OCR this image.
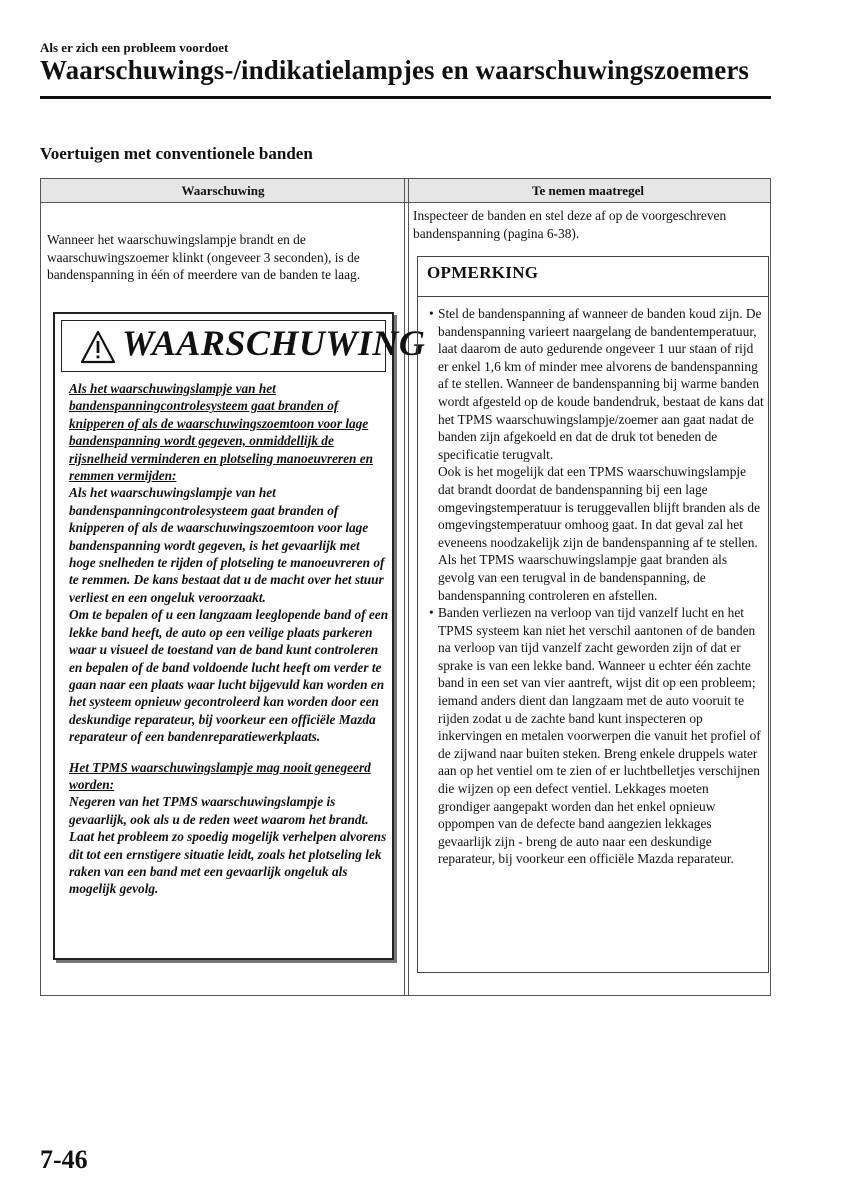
Als er zich een probleem voordoet
Waarschuwings-/indikatielampjes en waarschuwingszoemers
Voertuigen met conventionele banden
Waarschuwing	Te nemen maatregel
Wanneer het waarschuwingslampje brandt en de waarschuwingszoemer klinkt (ongeveer 3 seconden), is de bandenspanning in één of meerdere van de banden te laag.
WAARSCHUWING

Als het waarschuwingslampje van het bandenspanningcontrolesysteem gaat branden of knipperen of als de waarschuwingszoemtoon voor lage bandenspanning wordt gegeven, onmiddellijk de rijsnelheid verminderen en plotseling manoeuvreren en remmen vermijden:

Als het waarschuwingslampje van het bandenspanningcontrolesysteem gaat branden of knipperen of als de waarschuwingszoemtoon voor lage bandenspanning wordt gegeven, is het gevaarlijk met hoge snelheden te rijden of plotseling te manoeuvreren of te remmen. De kans bestaat dat u de macht over het stuur verliest en een ongeluk veroorzaakt.

Om te bepalen of u een langzaam leeglopende band of een lekke band heeft, de auto op een veilige plaats parkeren waar u visueel de toestand van de band kunt controleren en bepalen of de band voldoende lucht heeft om verder te gaan naar een plaats waar lucht bijgevuld kan worden en het systeem opnieuw gecontroleerd kan worden door een deskundige reparateur, bij voorkeur een officiële Mazda reparateur of een bandenreparatiewerkplaats.

Het TPMS waarschuwingslampje mag nooit genegeerd worden:

Negeren van het TPMS waarschuwingslampje is gevaarlijk, ook als u de reden weet waarom het brandt. Laat het probleem zo spoedig mogelijk verhelpen alvorens dit tot een ernstigere situatie leidt, zoals het plotseling lek raken van een band met een gevaarlijk ongeluk als mogelijk gevolg.

Inspecteer de banden en stel deze af op de voorgeschreven bandenspanning (pagina 6-38).
OPMERKING

• Stel de bandenspanning af wanneer de banden koud zijn. De bandenspanning varieert naargelang de bandentemperatuur, laat daarom de auto gedurende ongeveer 1 uur staan of rijd er enkel 1,6 km of minder mee alvorens de bandenspanning af te stellen. Wanneer de bandenspanning bij warme banden wordt afgesteld op de koude bandendruk, bestaat de kans dat het TPMS waarschuwingslampje/zoemer aan gaat nadat de banden zijn afgekoeld en dat de druk tot beneden de specificatie terugvalt.

Ook is het mogelijk dat een TPMS waarschuwingslampje dat brandt doordat de bandenspanning bij een lage omgevingstemperatuur is teruggevallen blijft branden als de omgevingstemperatuur omhoog gaat. In dat geval zal het eveneens noodzakelijk zijn de bandenspanning af te stellen. Als het TPMS waarschuwingslampje gaat branden als gevolg van een terugval in de bandenspanning, de bandenspanning controleren en afstellen.

• Banden verliezen na verloop van tijd vanzelf lucht en het TPMS systeem kan niet het verschil aantonen of de banden na verloop van tijd vanzelf zacht geworden zijn of dat er sprake is van een lekke band. Wanneer u echter één zachte band in een set van vier aantreft, wijst dit op een probleem; iemand anders dient dan langzaam met de auto vooruit te rijden zodat u de zachte band kunt inspecteren op inkervingen en metalen voorwerpen die vanuit het profiel of de zijwand naar buiten steken. Breng enkele druppels water aan op het ventiel om te zien of er luchtbelletjes verschijnen die wijzen op een defect ventiel. Lekkages moeten grondiger aangepakt worden dan het enkel opnieuw oppompen van de defecte band aangezien lekkages gevaarlijk zijn - breng de auto naar een deskundige reparateur, bij voorkeur een officiële Mazda reparateur.

7-46
